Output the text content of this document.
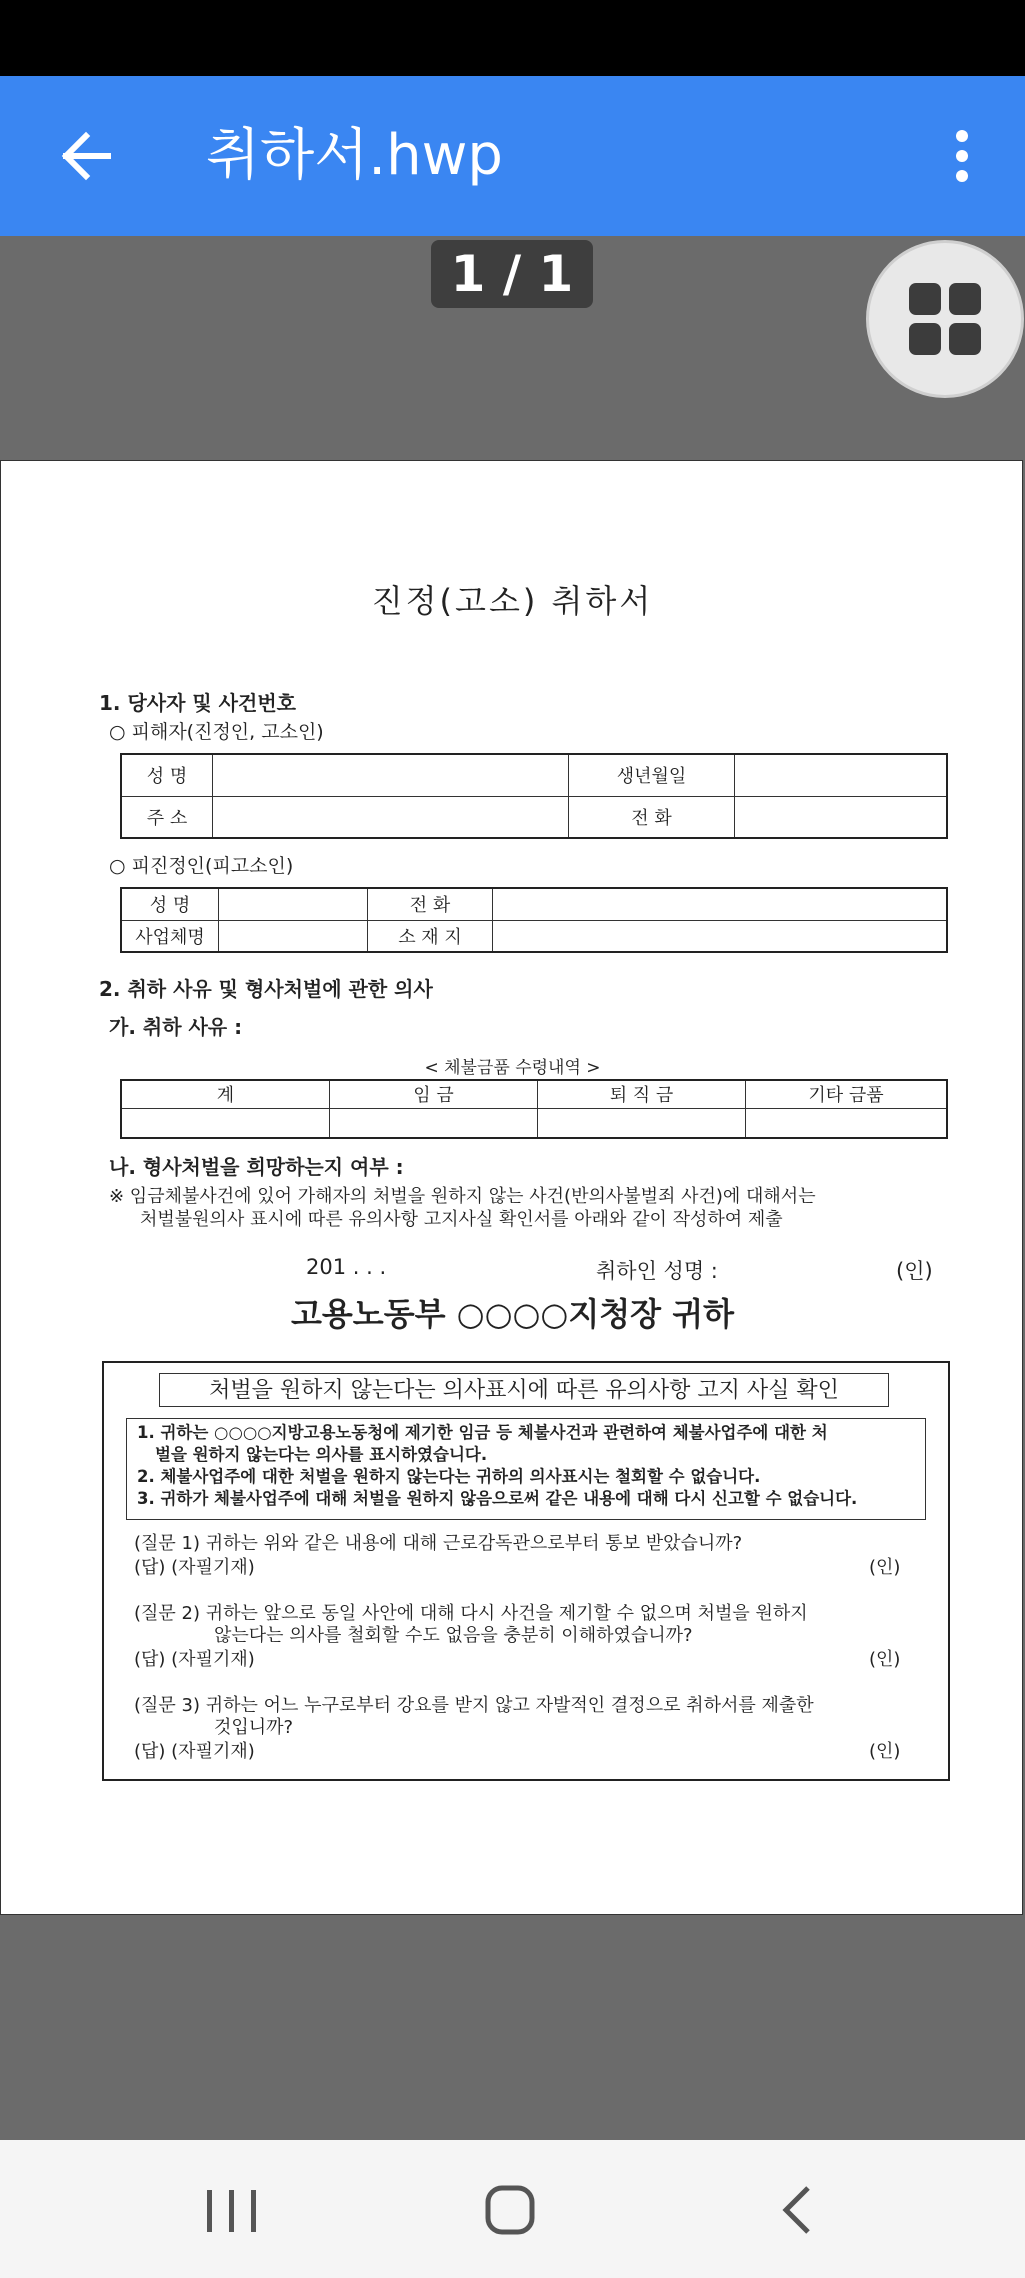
취하서.hwp
1 / 1
진정(고소) 취하서
1. 당사자 및 사건번호
○ 피해자(진정인, 고소인)
성 명		생년월일	
주 소		전 화	
○ 피진정인(피고소인)
성 명		전 화	
사업체명		소 재 지	
2. 취하 사유 및 형사처벌에 관한 의사
가. 취하 사유 :
< 체불금품 수령내역 >
계	임 금	퇴 직 금	기타 금품

나. 형사처벌을 희망하는지 여부 :
※ 임금체불사건에 있어 가해자의 처벌을 원하지 않는 사건(반의사불벌죄 사건)에 대해서는
처벌불원의사 표시에 따른 유의사항 고지사실 확인서를 아래와 같이 작성하여 제출
201 . . .	취하인 성명 :	(인)
고용노동부 ○○○○지청장 귀하
처벌을 원하지 않는다는 의사표시에 따른 유의사항 고지 사실 확인
1. 귀하는 ○○○○지방고용노동청에 제기한 임금 등 체불사건과 관련하여 체불사업주에 대한 처
벌을 원하지 않는다는 의사를 표시하였습니다.
2. 체불사업주에 대한 처벌을 원하지 않는다는 귀하의 의사표시는 철회할 수 없습니다.
3. 귀하가 체불사업주에 대해 처벌을 원하지 않음으로써 같은 내용에 대해 다시 신고할 수 없습니다.
(질문 1) 귀하는 위와 같은 내용에 대해 근로감독관으로부터 통보 받았습니까?
(답) (자필기재)	(인)
(질문 2) 귀하는 앞으로 동일 사안에 대해 다시 사건을 제기할 수 없으며 처벌을 원하지
않는다는 의사를 철회할 수도 없음을 충분히 이해하였습니까?
(답) (자필기재)	(인)
(질문 3) 귀하는 어느 누구로부터 강요를 받지 않고 자발적인 결정으로 취하서를 제출한
것입니까?
(답) (자필기재)	(인)
